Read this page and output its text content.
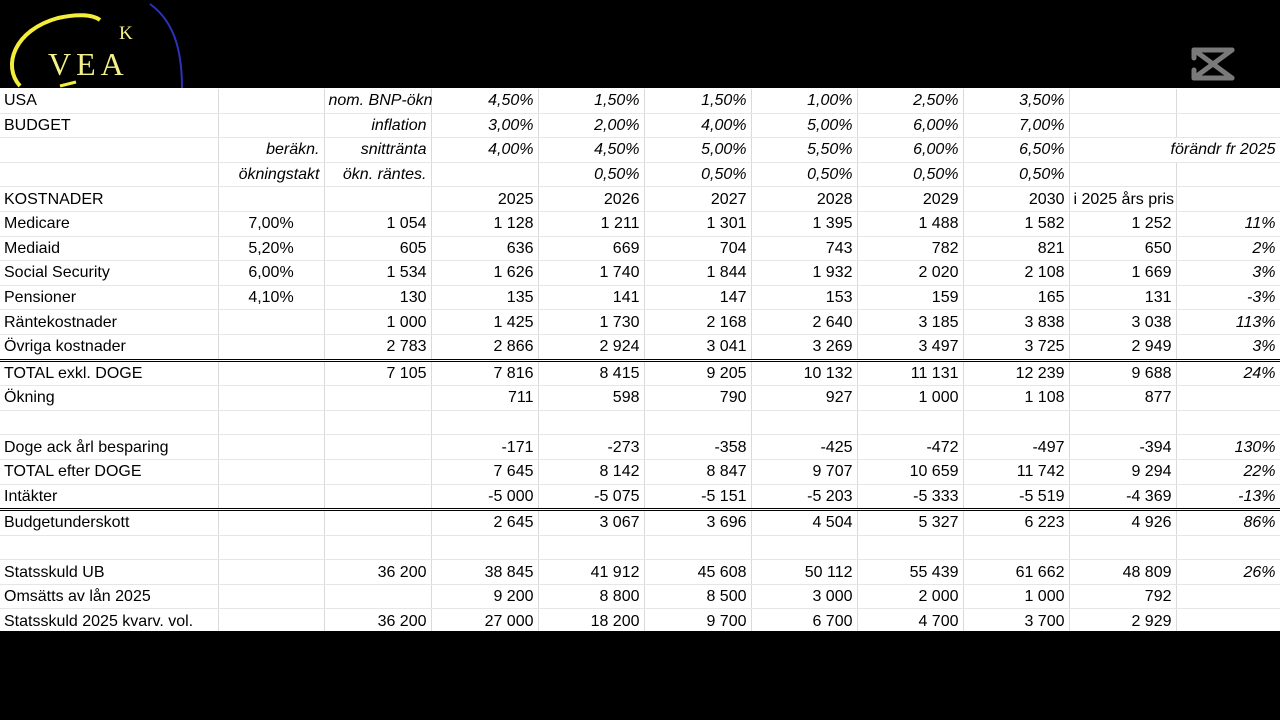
K
VEA
USA		nom. BNP-ökn	4,50%	1,50%	1,50%	1,00%	2,50%	3,50%		
BUDGET		inflation	3,00%	2,00%	4,00%	5,00%	6,00%	7,00%		
	beräkn.	snittränta	4,00%	4,50%	5,00%	5,50%	6,00%	6,50%	förändr fr 2025	
	ökningstakt	ökn. räntes.		0,50%	0,50%	0,50%	0,50%	0,50%		
KOSTNADER			2025	2026	2027	2028	2029	2030	i 2025 års pris	
Medicare	7,00%	1 054	1 128	1 211	1 301	1 395	1 488	1 582	1 252	11%
Mediaid	5,20%	605	636	669	704	743	782	821	650	2%
Social Security	6,00%	1 534	1 626	1 740	1 844	1 932	2 020	2 108	1 669	3%
Pensioner	4,10%	130	135	141	147	153	159	165	131	-3%
Räntekostnader		1 000	1 425	1 730	2 168	2 640	3 185	3 838	3 038	113%
Övriga kostnader		2 783	2 866	2 924	3 041	3 269	3 497	3 725	2 949	3%
TOTAL exkl. DOGE		7 105	7 816	8 415	9 205	10 132	11 131	12 239	9 688	24%
Ökning			711	598	790	927	1 000	1 108	877	

Doge ack årl besparing			-171	-273	-358	-425	-472	-497	-394	130%
TOTAL efter DOGE			7 645	8 142	8 847	9 707	10 659	11 742	9 294	22%
Intäkter			-5 000	-5 075	-5 151	-5 203	-5 333	-5 519	-4 369	-13%
Budgetunderskott			2 645	3 067	3 696	4 504	5 327	6 223	4 926	86%

Statsskuld UB		36 200	38 845	41 912	45 608	50 112	55 439	61 662	48 809	26%
Omsätts av lån 2025			9 200	8 800	8 500	3 000	2 000	1 000	792	
Statsskuld 2025 kvarv. vol.		36 200	27 000	18 200	9 700	6 700	4 700	3 700	2 929	
